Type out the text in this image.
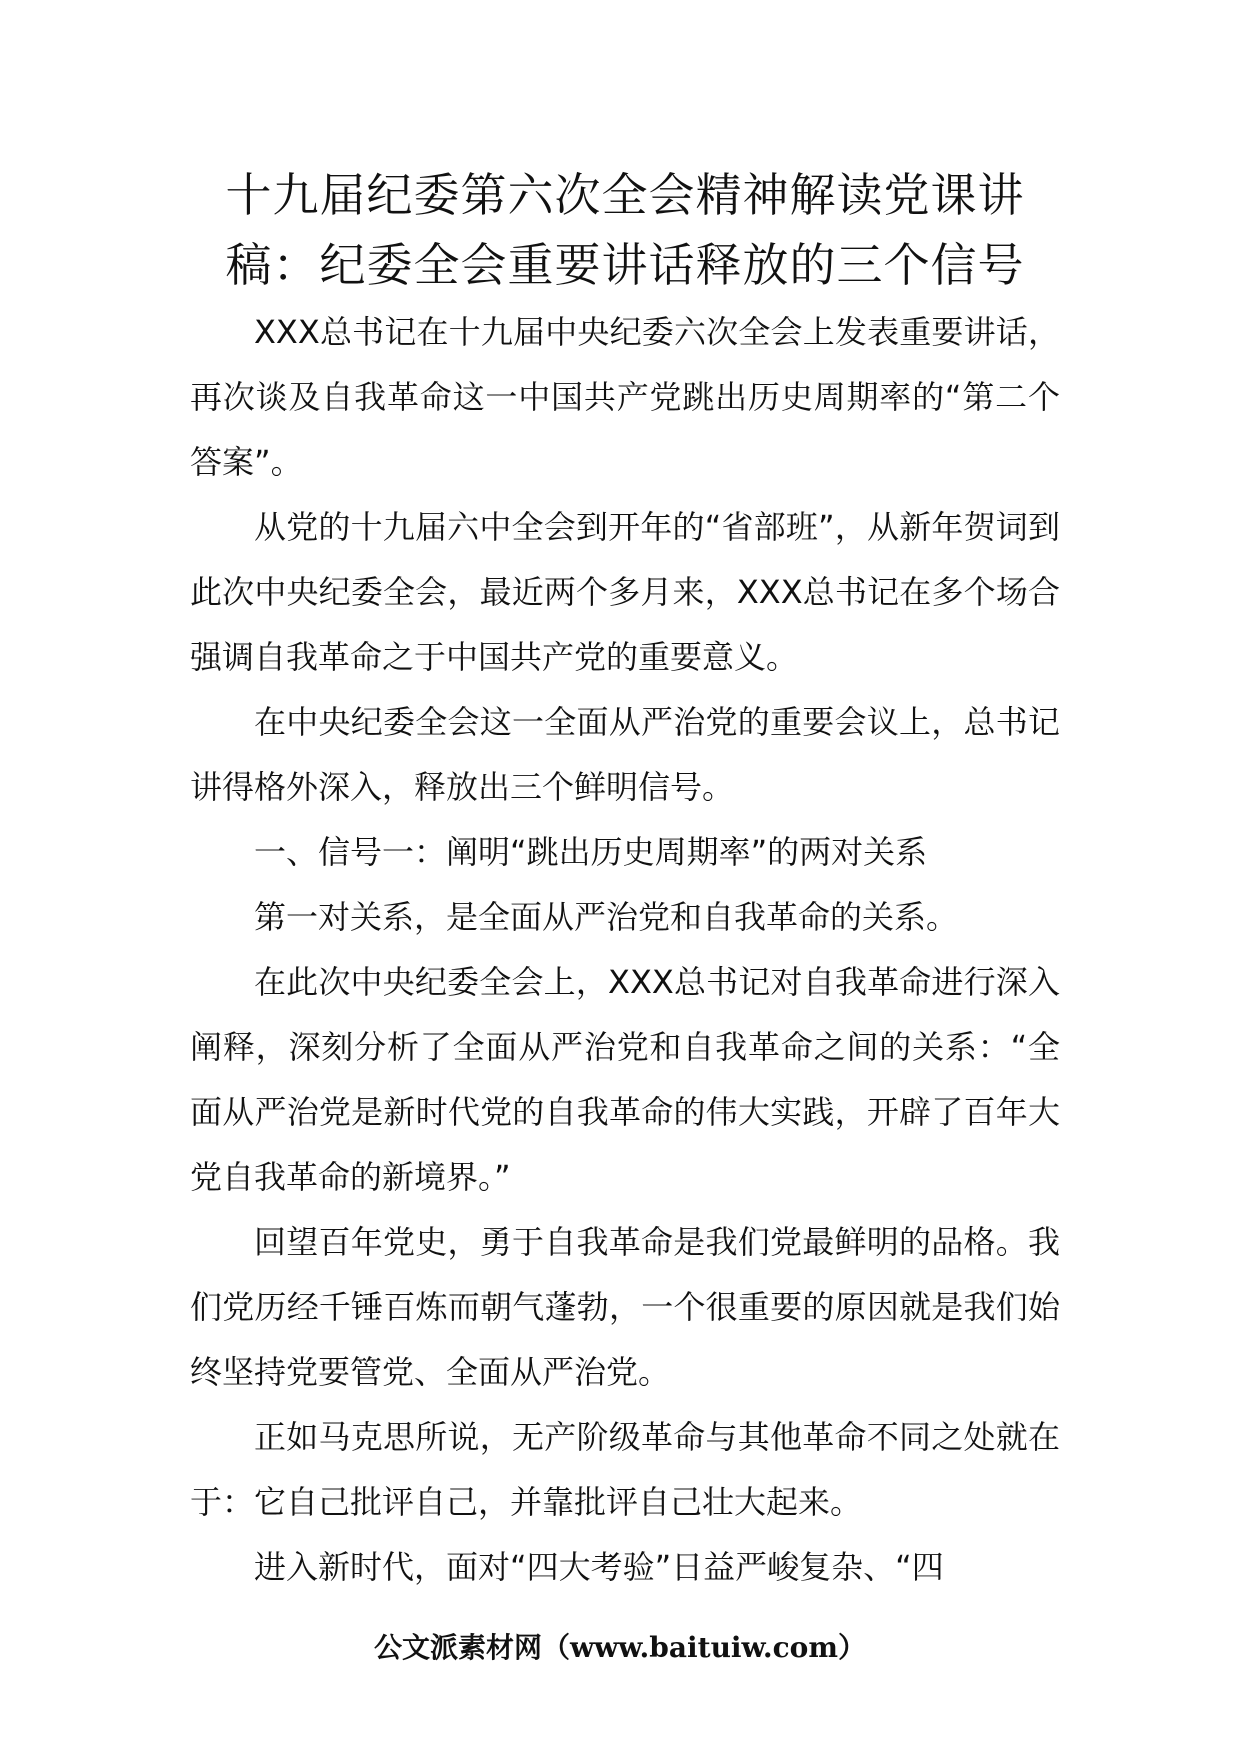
十九届纪委第六次全会精神解读党课讲
稿：纪委全会重要讲话释放的三个信号

XXX总书记在十九届中央纪委六次全会上发表重要讲话，再次谈及自我革命这一中国共产党跳出历史周期率的“第二个答案”。

从党的十九届六中全会到开年的“省部班”，从新年贺词到此次中央纪委全会，最近两个多月来，XXX总书记在多个场合强调自我革命之于中国共产党的重要意义。

在中央纪委全会这一全面从严治党的重要会议上，总书记讲得格外深入，释放出三个鲜明信号。

一、信号一：阐明“跳出历史周期率”的两对关系

第一对关系，是全面从严治党和自我革命的关系。

在此次中央纪委全会上，XXX总书记对自我革命进行深入阐释，深刻分析了全面从严治党和自我革命之间的关系：“全面从严治党是新时代党的自我革命的伟大实践，开辟了百年大党自我革命的新境界。”

回望百年党史，勇于自我革命是我们党最鲜明的品格。我们党历经千锤百炼而朝气蓬勃，一个很重要的原因就是我们始终坚持党要管党、全面从严治党。

正如马克思所说，无产阶级革命与其他革命不同之处就在于：它自己批评自己，并靠批评自己壮大起来。

进入新时代，面对“四大考验”日益严峻复杂、“四

公文派素材网（www.baituiw.com）
